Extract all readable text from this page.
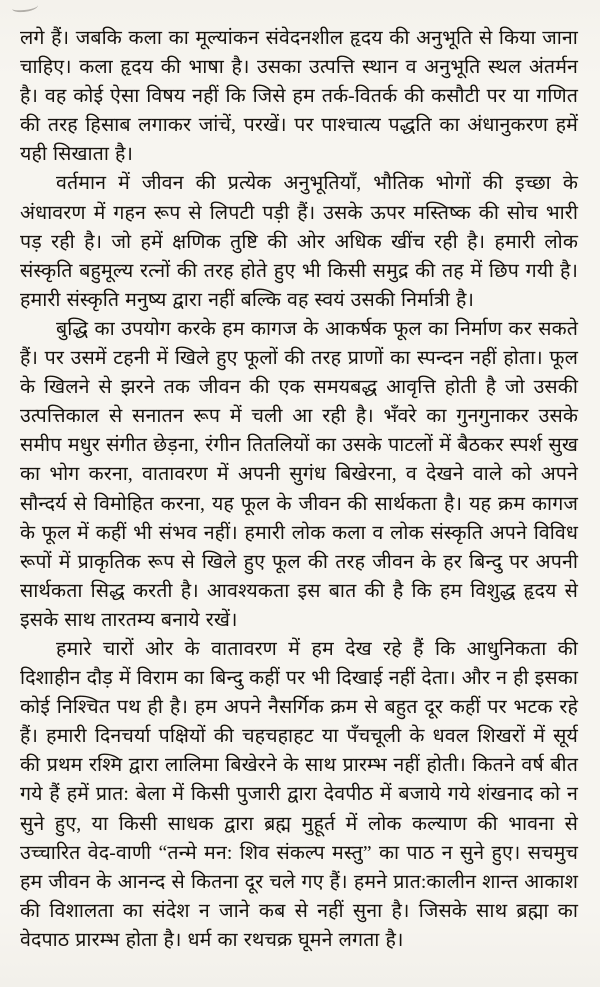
लगे हैं। जबकि कला का मूल्यांकन संवेदनशील हृदय की अनुभूति से किया जाना चाहिए। कला हृदय की भाषा है। उसका उत्पत्ति स्थान व अनुभूति स्थल अंतर्मन है। वह कोई ऐसा विषय नहीं कि जिसे हम तर्क-वितर्क की कसौटी पर या गणित की तरह हिसाब लगाकर जांचें, परखें। पर पाश्चात्य पद्धति का अंधानुकरण हमें यही सिखाता है।

वर्तमान में जीवन की प्रत्येक अनुभूतियाँ, भौतिक भोगों की इच्छा के अंधावरण में गहन रूप से लिपटी पड़ी हैं। उसके ऊपर मस्तिष्क की सोच भारी पड़ रही है। जो हमें क्षणिक तुष्टि की ओर अधिक खींच रही है। हमारी लोक संस्कृति बहुमूल्य रत्नों की तरह होते हुए भी किसी समुद्र की तह में छिप गयी है। हमारी संस्कृति मनुष्य द्वारा नहीं बल्कि वह स्वयं उसकी निर्मात्री है।

बुद्धि का उपयोग करके हम कागज के आकर्षक फूल का निर्माण कर सकते हैं। पर उसमें टहनी में खिले हुए फूलों की तरह प्राणों का स्पन्दन नहीं होता। फूल के खिलने से झरने तक जीवन की एक समयबद्ध आवृत्ति होती है जो उसकी उत्पत्तिकाल से सनातन रूप में चली आ रही है। भँवरे का गुनगुनाकर उसके समीप मधुर संगीत छेड़ना, रंगीन तितलियों का उसके पाटलों में बैठकर स्पर्श सुख का भोग करना, वातावरण में अपनी सुगंध बिखेरना, व देखने वाले को अपने सौन्दर्य से विमोहित करना, यह फूल के जीवन की सार्थकता है। यह क्रम कागज के फूल में कहीं भी संभव नहीं। हमारी लोक कला व लोक संस्कृति अपने विविध रूपों में प्राकृतिक रूप से खिले हुए फूल की तरह जीवन के हर बिन्दु पर अपनी सार्थकता सिद्ध करती है। आवश्यकता इस बात की है कि हम विशुद्ध हृदय से इसके साथ तारतम्य बनाये रखें।

हमारे चारों ओर के वातावरण में हम देख रहे हैं कि आधुनिकता की दिशाहीन दौड़ में विराम का बिन्दु कहीं पर भी दिखाई नहीं देता। और न ही इसका कोई निश्चित पथ ही है। हम अपने नैसर्गिक क्रम से बहुत दूर कहीं पर भटक रहे हैं। हमारी दिनचर्या पक्षियों की चहचहाहट या पँचचूली के धवल शिखरों में सूर्य की प्रथम रश्मि द्वारा लालिमा बिखेरने के साथ प्रारम्भ नहीं होती। कितने वर्ष बीत गये हैं हमें प्रात: बेला में किसी पुजारी द्वारा देवपीठ में बजाये गये शंखनाद को न सुने हुए, या किसी साधक द्वारा ब्रह्म मुहूर्त में लोक कल्याण की भावना से उच्चारित वेद-वाणी “तन्मे मन: शिव संकल्प मस्तु” का पाठ न सुने हुए। सचमुच हम जीवन के आनन्द से कितना दूर चले गए हैं। हमने प्रात:कालीन शान्त आकाश की विशालता का संदेश न जाने कब से नहीं सुना है। जिसके साथ ब्रह्मा का वेदपाठ प्रारम्भ होता है। धर्म का रथचक्र घूमने लगता है।
